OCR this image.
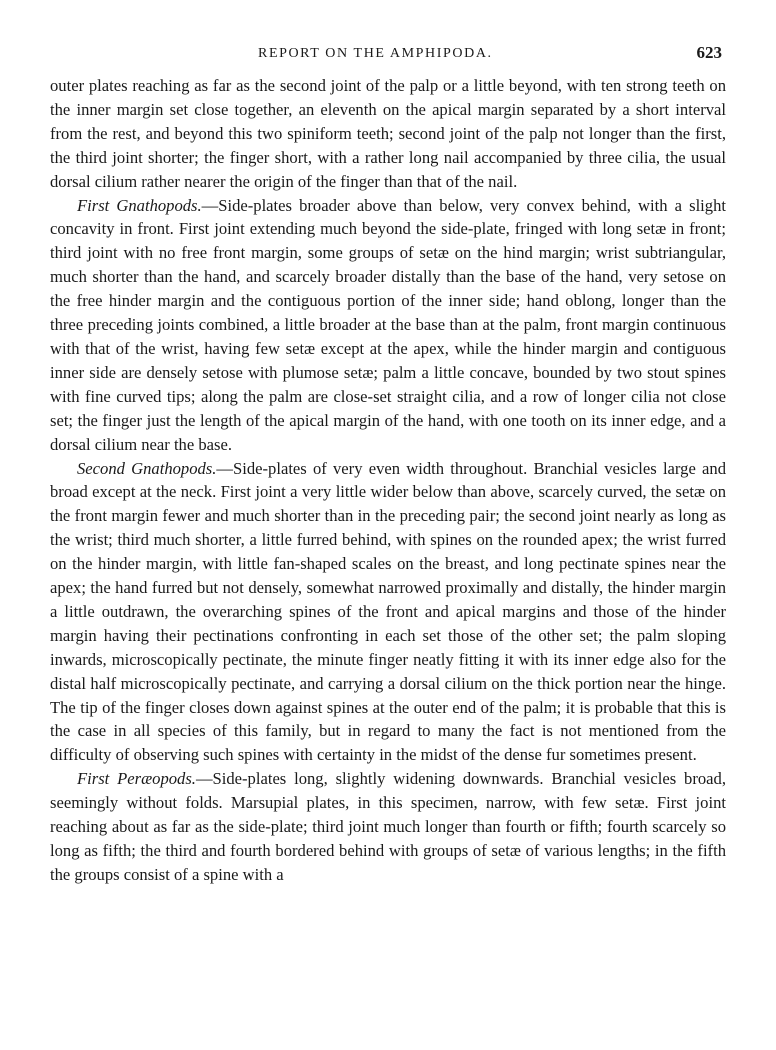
REPORT ON THE AMPHIPODA.	623

outer plates reaching as far as the second joint of the palp or a little beyond, with ten strong teeth on the inner margin set close together, an eleventh on the apical margin separated by a short interval from the rest, and beyond this two spiniform teeth; second joint of the palp not longer than the first, the third joint shorter; the finger short, with a rather long nail accompanied by three cilia, the usual dorsal cilium rather nearer the origin of the finger than that of the nail.

First Gnathopods.—Side-plates broader above than below, very convex behind, with a slight concavity in front. First joint extending much beyond the side-plate, fringed with long setæ in front; third joint with no free front margin, some groups of setæ on the hind margin; wrist subtriangular, much shorter than the hand, and scarcely broader distally than the base of the hand, very setose on the free hinder margin and the contiguous portion of the inner side; hand oblong, longer than the three preceding joints combined, a little broader at the base than at the palm, front margin continuous with that of the wrist, having few setæ except at the apex, while the hinder margin and contiguous inner side are densely setose with plumose setæ; palm a little concave, bounded by two stout spines with fine curved tips; along the palm are close-set straight cilia, and a row of longer cilia not close set; the finger just the length of the apical margin of the hand, with one tooth on its inner edge, and a dorsal cilium near the base.

Second Gnathopods.—Side-plates of very even width throughout. Branchial vesicles large and broad except at the neck. First joint a very little wider below than above, scarcely curved, the setæ on the front margin fewer and much shorter than in the preceding pair; the second joint nearly as long as the wrist; third much shorter, a little furred behind, with spines on the rounded apex; the wrist furred on the hinder margin, with little fan-shaped scales on the breast, and long pectinate spines near the apex; the hand furred but not densely, somewhat narrowed proximally and distally, the hinder margin a little outdrawn, the overarching spines of the front and apical margins and those of the hinder margin having their pectinations confronting in each set those of the other set; the palm sloping inwards, microscopically pectinate, the minute finger neatly fitting it with its inner edge also for the distal half microscopically pectinate, and carrying a dorsal cilium on the thick portion near the hinge. The tip of the finger closes down against spines at the outer end of the palm; it is probable that this is the case in all species of this family, but in regard to many the fact is not mentioned from the difficulty of observing such spines with certainty in the midst of the dense fur sometimes present.

First Peræopods.—Side-plates long, slightly widening downwards. Branchial vesicles broad, seemingly without folds. Marsupial plates, in this specimen, narrow, with few setæ. First joint reaching about as far as the side-plate; third joint much longer than fourth or fifth; fourth scarcely so long as fifth; the third and fourth bordered behind with groups of setæ of various lengths; in the fifth the groups consist of a spine with a
